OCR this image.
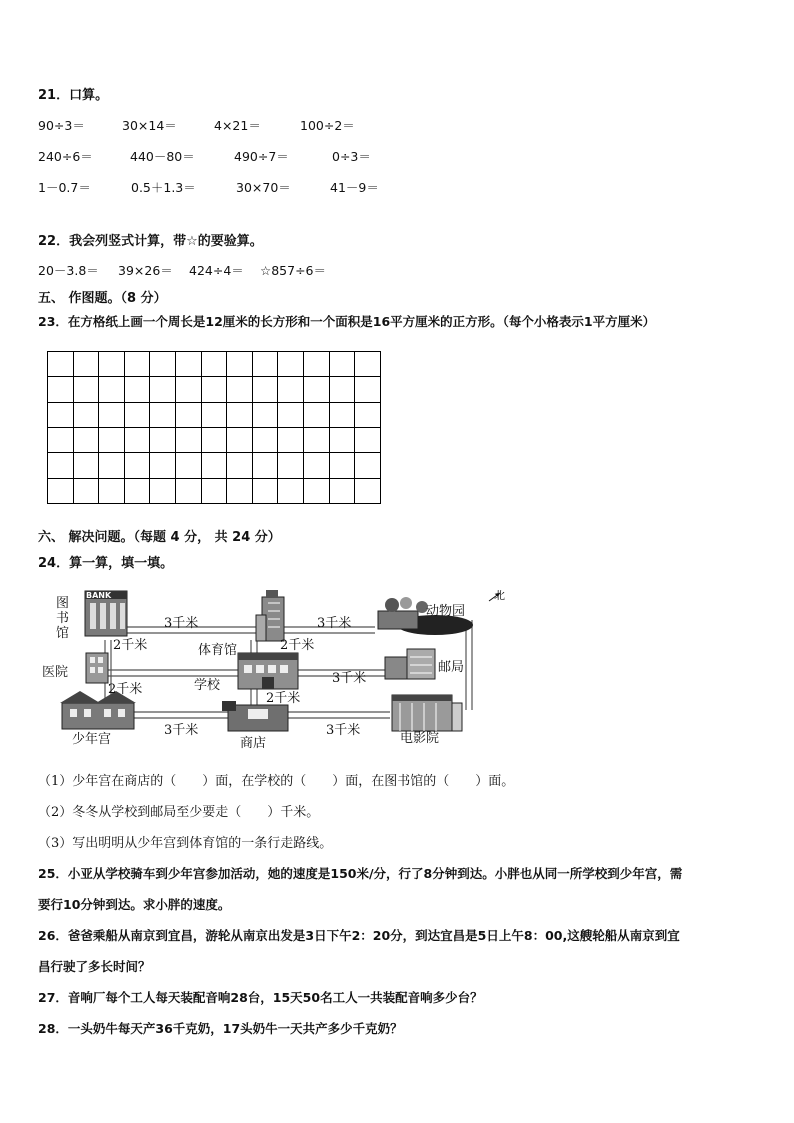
21．口算。
90÷3＝	30×14＝	4×21＝	100÷2＝
240÷6＝	440－80＝	490÷7＝	0÷3＝
1－0.7＝	0.5＋1.3＝	30×70＝	41－9＝
22．我会列竖式计算，带☆的要验算。
20－3.8＝ 39×26＝ 424÷4＝ ☆857÷6＝
五、 作图题。（8 分）
23．在方格纸上画一个周长是12厘米的长方形和一个面积是16平方厘米的正方形。（每个小格表示1平方厘米）

六、 解决问题。（每题 4 分， 共 24 分）
24．算一算，填一填。
BANK
图
书
馆
北
体育馆
动物园
医院
学校
邮局
少年宫	商店	电影院
3千米	3千米
2千米	2千米
3千米
2千米
2千米
3千米	3千米
（1）少年宫在商店的（　　）面，在学校的（　　）面，在图书馆的（　　）面。
（2）冬冬从学校到邮局至少要走（　　）千米。
（3）写出明明从少年宫到体育馆的一条行走路线。
25．小亚从学校骑车到少年宫参加活动，她的速度是150米/分，行了8分钟到达。小胖也从同一所学校到少年宫，需
要行10分钟到达。求小胖的速度。
26．爸爸乘船从南京到宜昌，游轮从南京出发是3日下午2：20分，到达宜昌是5日上午8：00,这艘轮船从南京到宜
昌行驶了多长时间？
27．音响厂每个工人每天装配音响28台，15天50名工人一共装配音响多少台？
28．一头奶牛每天产36千克奶，17头奶牛一天共产多少千克奶？
